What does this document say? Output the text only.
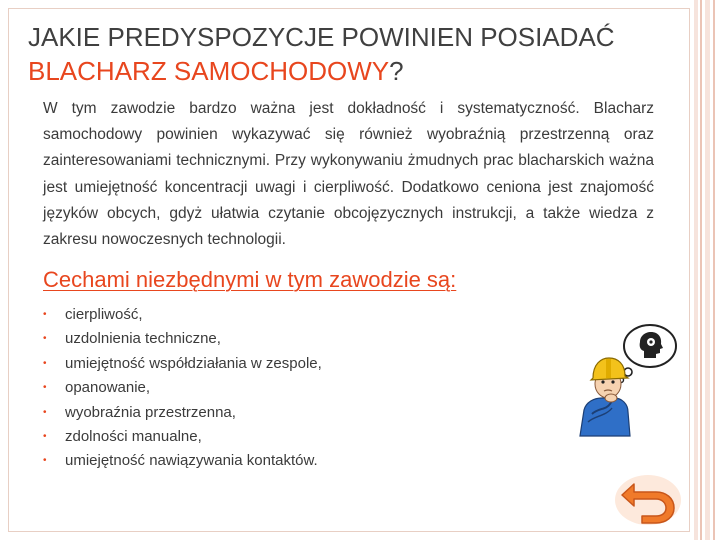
JAKIE PREDYSPOZYCJE POWINIEN POSIADAĆ BLACHARZ SAMOCHODOWY?

W tym zawodzie bardzo ważna jest dokładność i systematyczność. Blacharz samochodowy powinien wykazywać się również wyobraźnią przestrzenną oraz zainteresowaniami technicznymi. Przy wykonywaniu żmudnych prac blacharskich ważna jest umiejętność koncentracji uwagi i cierpliwość. Dodatkowo ceniona jest znajomość języków obcych, gdyż ułatwia czytanie obcojęzycznych instrukcji, a także wiedza z zakresu nowoczesnych technologii.

Cechami niezbędnymi w tym zawodzie są:
• cierpliwość,
• uzdolnienia techniczne,
• umiejętność współdziałania w zespole,
• opanowanie,
• wyobraźnia przestrzenna,
• zdolności manualne,
• umiejętność nawiązywania kontaktów.
